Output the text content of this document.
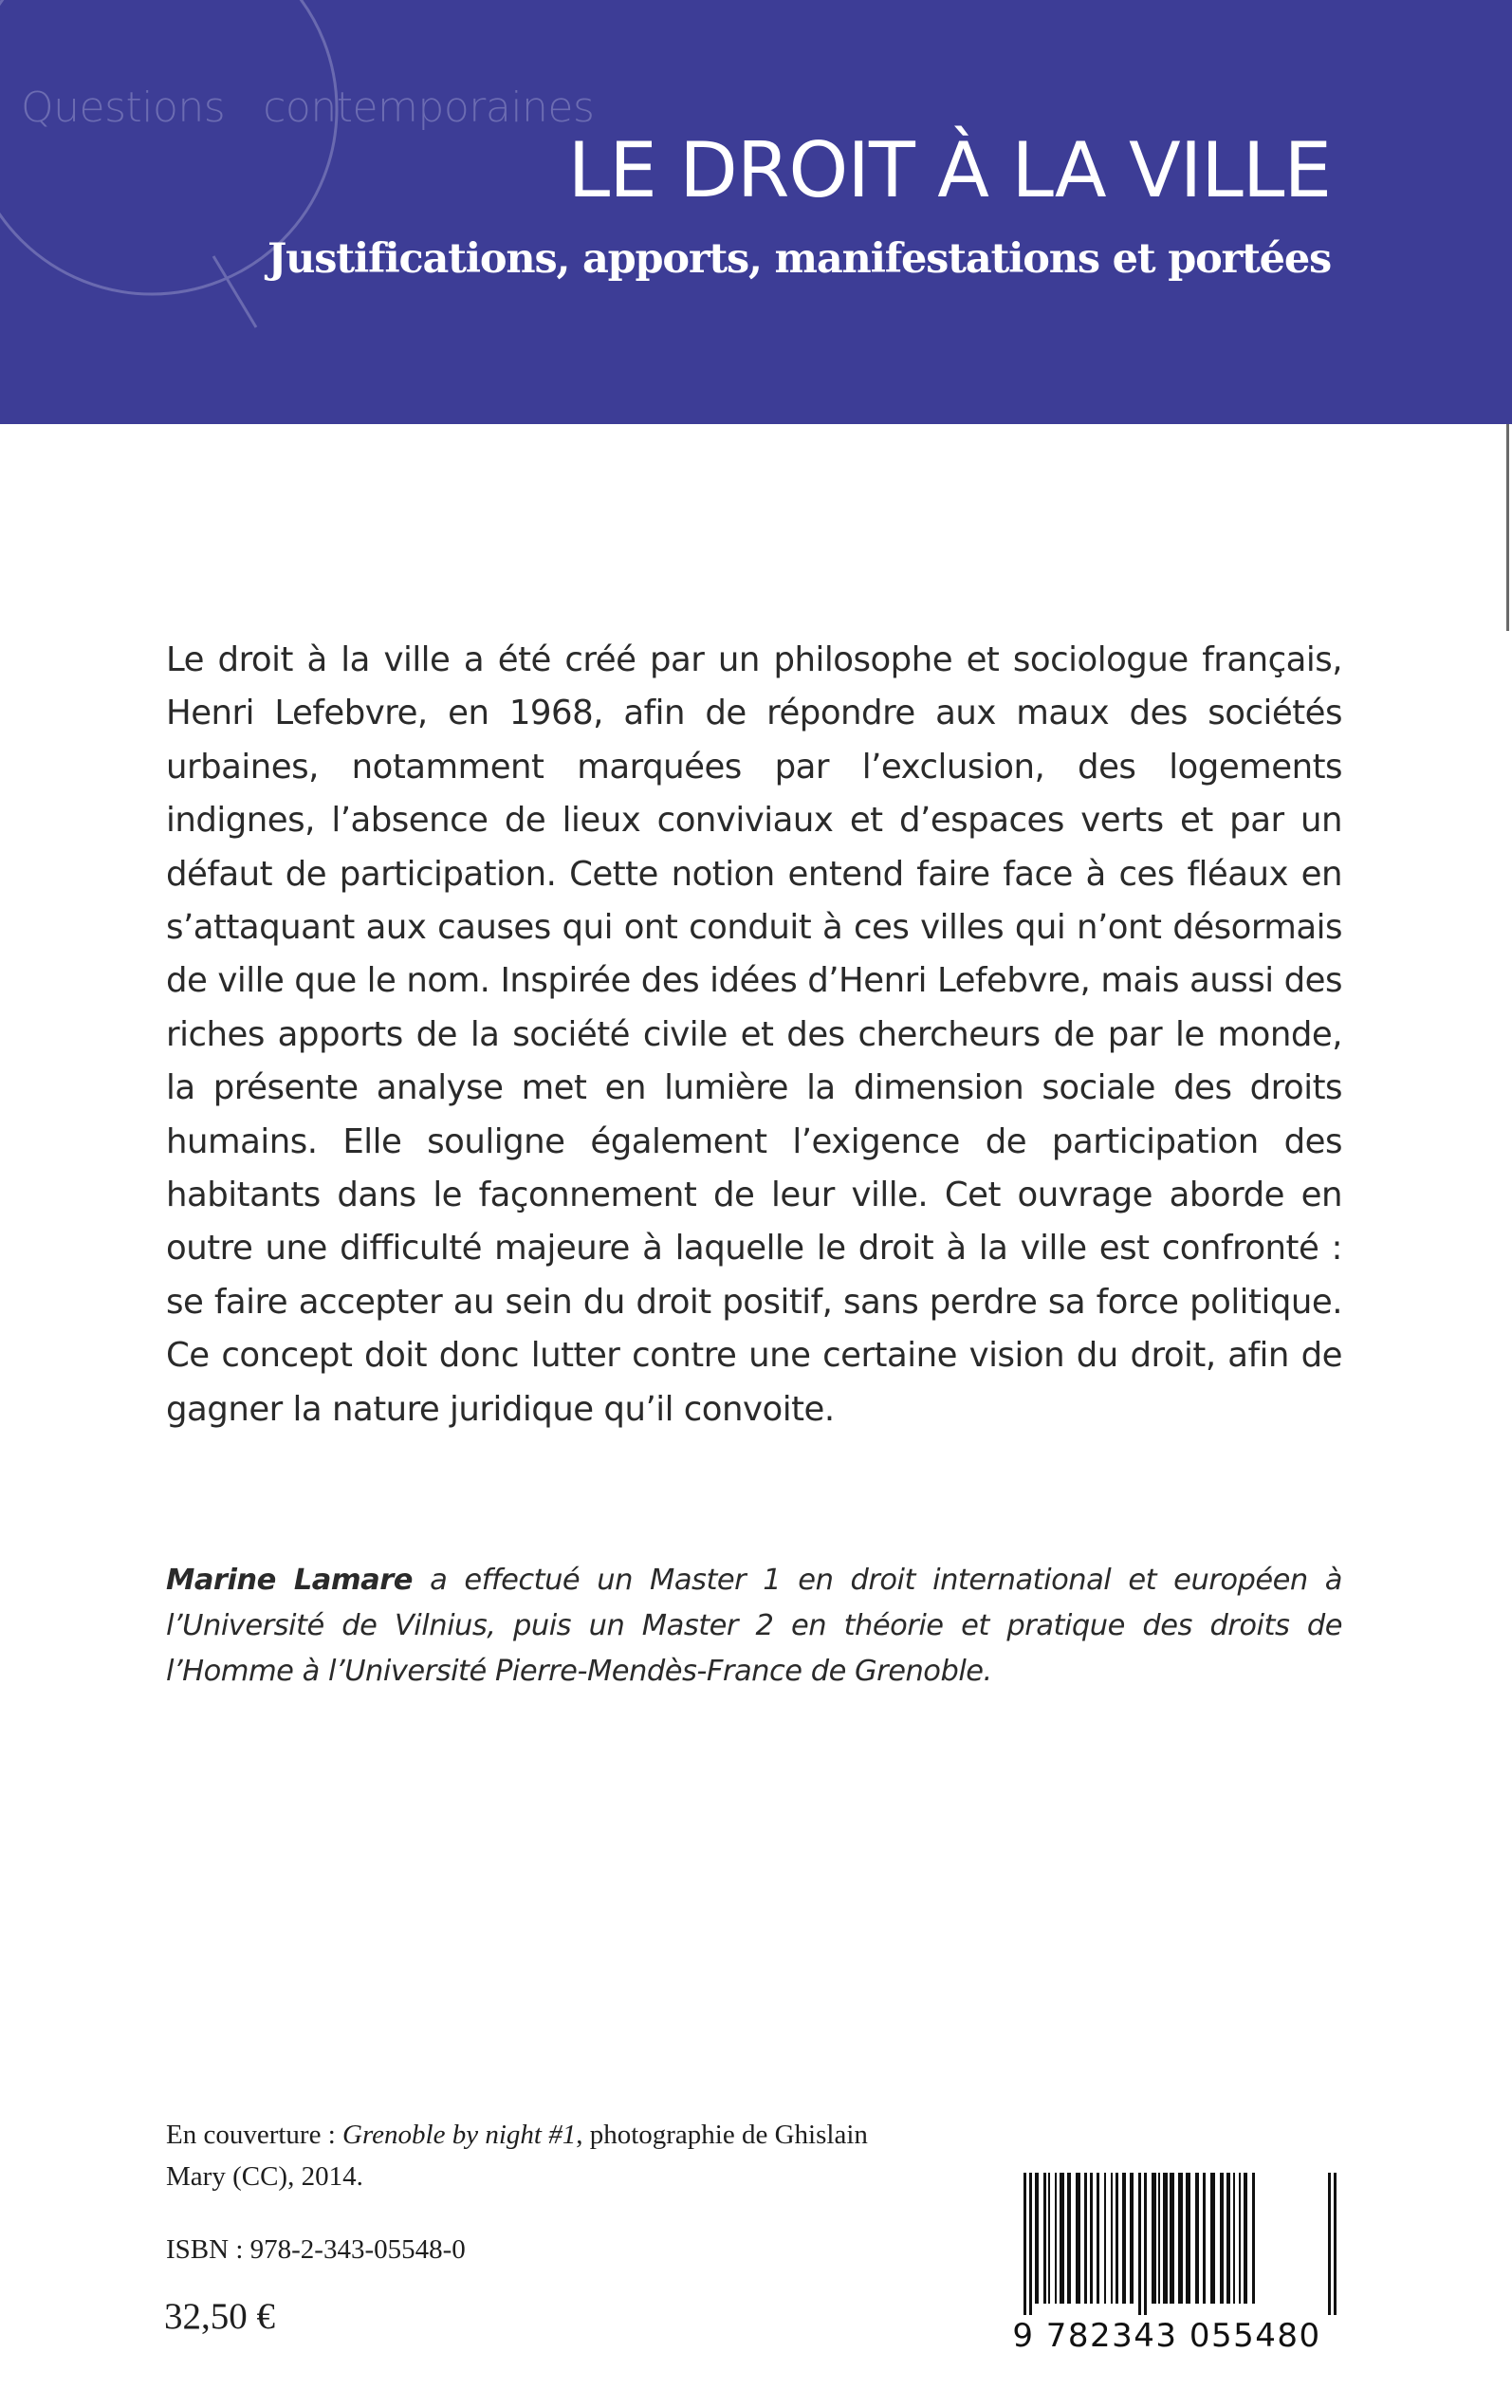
Questions contemporaines
LE DROIT À LA VILLE
Justifications, apports, manifestations et portées

Le droit à la ville a été créé par un philosophe et sociologue français, Henri Lefebvre, en 1968, afin de répondre aux maux des sociétés urbaines, notamment marquées par l’exclusion, des logements indignes, l’absence de lieux conviviaux et d’espaces verts et par un défaut de participation. Cette notion entend faire face à ces fléaux en s’attaquant aux causes qui ont conduit à ces villes qui n’ont désormais de ville que le nom. Inspirée des idées d’Henri Lefebvre, mais aussi des riches apports de la société civile et des chercheurs de par le monde, la présente analyse met en lumière la dimension sociale des droits humains. Elle souligne également l’exigence de participation des habitants dans le façonnement de leur ville. Cet ouvrage aborde en outre une difficulté majeure à laquelle le droit à la ville est confronté : se faire accepter au sein du droit positif, sans perdre sa force politique. Ce concept doit donc lutter contre une certaine vision du droit, afin de gagner la nature juridique qu’il convoite.

Marine Lamare a effectué un Master 1 en droit international et européen à l’Université de Vilnius, puis un Master 2 en théorie et pratique des droits de l’Homme à l’Université Pierre-Mendès-France de Grenoble.

En couverture : Grenoble by night #1, photographie de Ghislain Mary (CC), 2014.

ISBN : 978-2-343-05548-0
32,50 €	9 782343 055480
